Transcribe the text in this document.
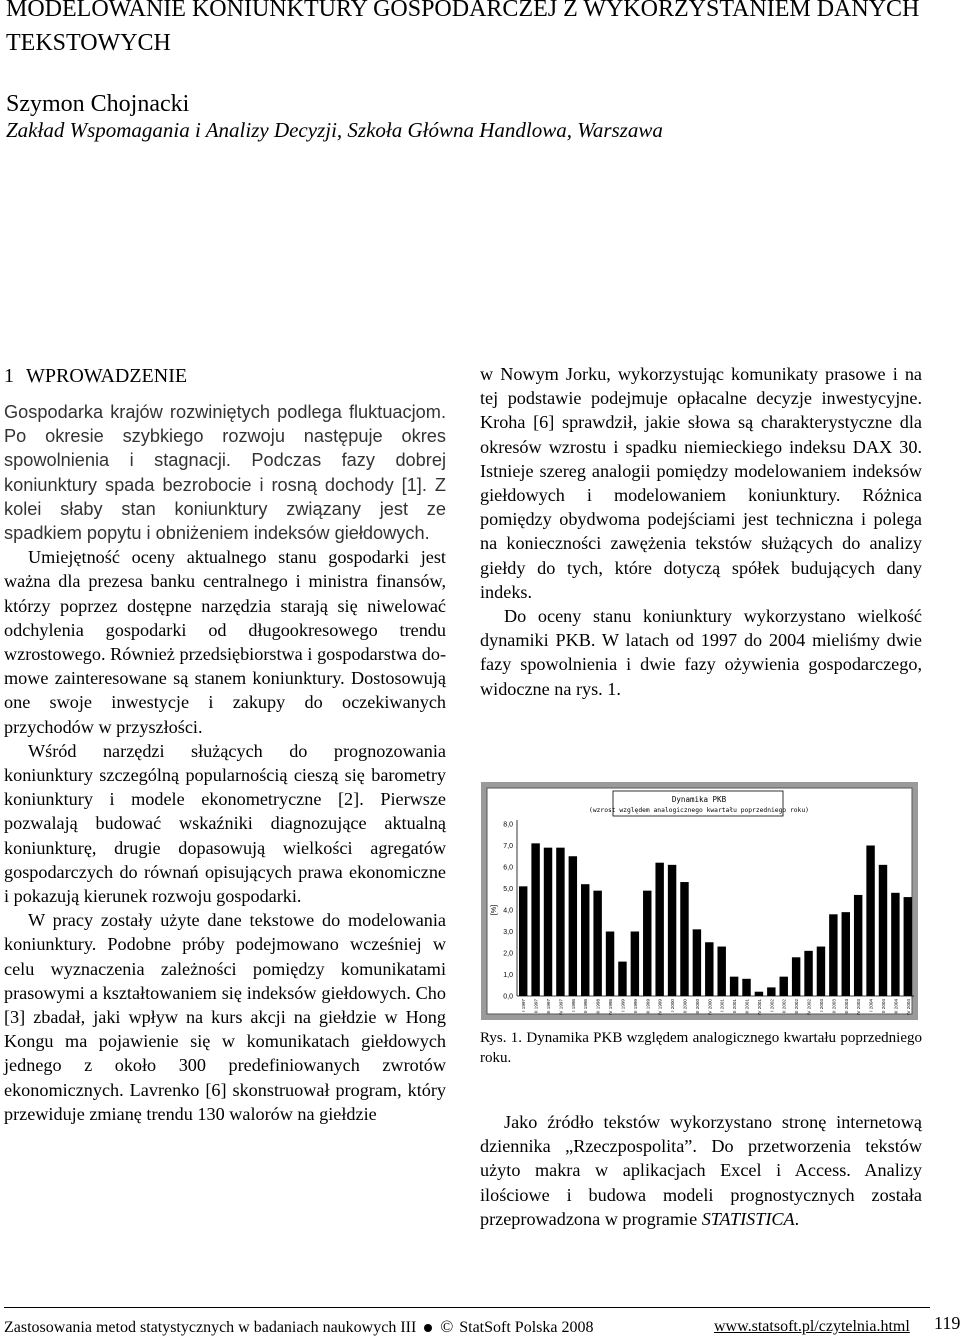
MODELOWANIE KONIUNKTURY GOSPODARCZEJ Z WYKORZYSTANIEM DANYCH TEKSTOWYCH
Szymon Chojnacki
Zakład Wspomagania i Analizy Decyzji, Szkoła Główna Handlowa, Warszawa
1 WPROWADZENIE

Gospodarka krajów rozwiniętych podlega fluktuacjom. Po okresie szybkiego rozwoju następuje okres spowolnienia i stagnacji. Podczas fazy dobrej koniunktury spada bezrobocie i rosną dochody [1]. Z kolei słaby stan koniunktury związany jest ze spadkiem popytu i obniżeniem indeksów giełdowych.

Umiejętność oceny aktualnego stanu gospodarki jest ważna dla prezesa banku centralnego i ministra finansów, którzy poprzez dostępne narzędzia starają się niwelować odchylenia gospodarki od długookresowego trendu wzrostowego. Również przedsiębiorstwa i gospodarstwa domowe zainteresowane są stanem koniunktury. Dostosowują one swoje inwestycje i zakupy do oczekiwanych przychodów w przyszłości.

Wśród narzędzi służących do prognozowania koniunktury szczególną popularnością cieszą się barometry koniunktury i modele ekonometryczne [2]. Pierwsze pozwalają budować wskaźniki diagnozujące aktualną koniunkturę, drugie dopasowują wielkości agregatów gospodarczych do równań opisujących prawa ekonomiczne i pokazują kierunek rozwoju gospodarki.

W pracy zostały użyte dane tekstowe do modelowania koniunktury. Podobne próby podejmowano wcześniej w celu wyznaczenia zależności pomiędzy komunikatami prasowymi a kształtowaniem się indeksów giełdowych. Cho [3] zbadał, jaki wpływ na kurs akcji na giełdzie w Hong Kongu ma pojawienie się w komunikatach giełdowych jednego z około 300 predefiniowanych zwrotów ekonomicznych. Lavrenko [6] skonstruował program, który przewiduje zmianę trendu 130 walorów na giełdzie

w Nowym Jorku, wykorzystując komunikaty prasowe i na tej podstawie podejmuje opłacalne decyzje inwestycyjne. Kroha [6] sprawdził, jakie słowa są charakterystyczne dla okresów wzrostu i spadku niemieckiego indeksu DAX 30. Istnieje szereg analogii pomiędzy modelowaniem indeksów giełdowych i modelowaniem koniunktury. Różnica pomiędzy obydwoma podejściami jest techniczna i polega na konieczności zawężenia tekstów służących do analizy giełdy do tych, które dotyczą spółek budujących dany indeks.

Do oceny stanu koniunktury wykorzystano wielkość dynamiki PKB. W latach od 1997 do 2004 mieliśmy dwie fazy spowolnienia i dwie fazy ożywienia gospodarczego, widoczne na rys. 1.

Dynamika PKB
(wzrost względem analogicznego kwartału poprzedniego roku)
0,0
1,0
2,0
3,0
4,0
5,0
6,0
7,0
8,0
[%]
I 1997 II 1997 III 1997 IV 1997 I 1998 II 1998 III 1998 IV 1998 I 1999 II 1999 III 1999 IV 1999 I 2000 II 2000 III 2000 IV 2000 I 2001 II 2001 III 2001 IV 2001 I 2002 II 2002 III 2002 IV 2002 I 2003 II 2003 III 2003 IV 2003 I 2004 II 2004 III 2004 IV 2004
Rys. 1. Dynamika PKB względem analogicznego kwartału poprzedniego roku.

Jako źródło tekstów wykorzystano stronę internetową dziennika „Rzeczpospolita”. Do przetworzenia tekstów użyto makra w aplikacjach Excel i Access. Analizy ilościowe i budowa modeli prognostycznych została przeprowadzona w programie STATISTICA.

Zastosowania metod statystycznych w badaniach naukowych III © StatSoft Polska 2008	www.statsoft.pl/czytelnia.html 119
